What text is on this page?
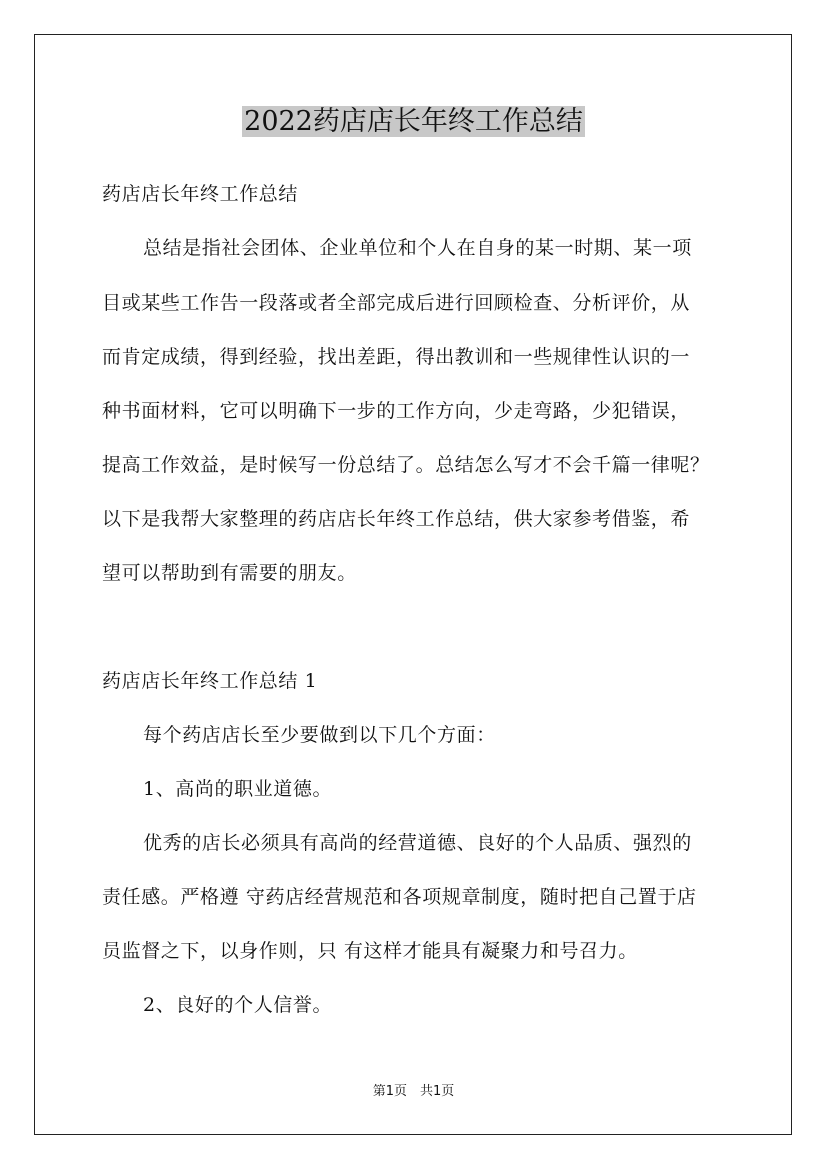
2022药店店长年终工作总结
药店店长年终工作总结
总结是指社会团体、企业单位和个人在自身的某一时期、某一项
目或某些工作告一段落或者全部完成后进行回顾检查、分析评价，从
而肯定成绩，得到经验，找出差距，得出教训和一些规律性认识的一
种书面材料，它可以明确下一步的工作方向，少走弯路，少犯错误，
提高工作效益，是时候写一份总结了。总结怎么写才不会千篇一律呢？
以下是我帮大家整理的药店店长年终工作总结，供大家参考借鉴，希
望可以帮助到有需要的朋友。
药店店长年终工作总结 1
每个药店店长至少要做到以下几个方面：
1、高尚的职业道德。
优秀的店长必须具有高尚的经营道德、良好的个人品质、强烈的
责任感。严格遵 守药店经营规范和各项规章制度，随时把自己置于店
员监督之下，以身作则，只 有这样才能具有凝聚力和号召力。
2、良好的个人信誉。
第1页　共1页
